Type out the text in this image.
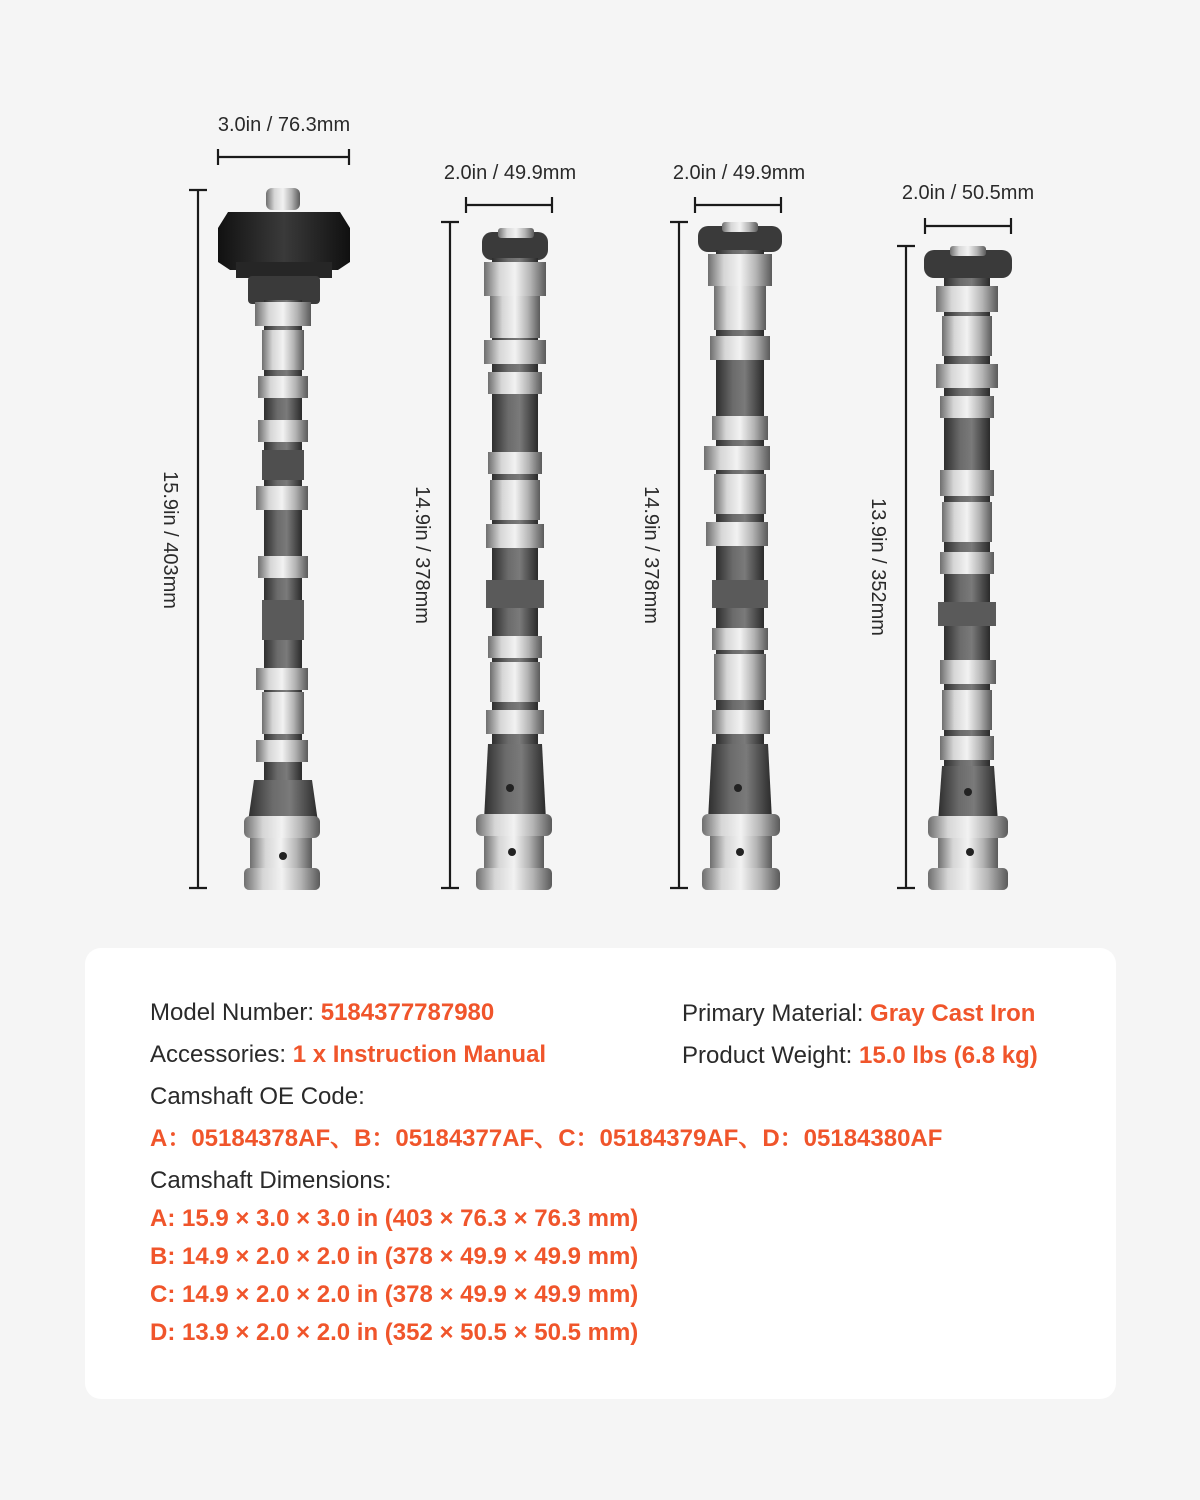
3.0in / 76.3mm
15.9in / 403mm
2.0in / 49.9mm
14.9in / 378mm
2.0in / 49.9mm
14.9in / 378mm
2.0in / 50.5mm
13.9in / 352mm
Model Number: 5184377787980	Primary Material: Gray Cast Iron
Accessories: 1 x Instruction Manual	Product Weight: 15.0 lbs (6.8 kg)
Camshaft OE Code:
A：05184378AF、B：05184377AF、C：05184379AF、D：05184380AF
Camshaft Dimensions:
A: 15.9 × 3.0 × 3.0 in (403 × 76.3 × 76.3 mm)
B: 14.9 × 2.0 × 2.0 in (378 × 49.9 × 49.9 mm)
C: 14.9 × 2.0 × 2.0 in (378 × 49.9 × 49.9 mm)
D: 13.9 × 2.0 × 2.0 in (352 × 50.5 × 50.5 mm)
